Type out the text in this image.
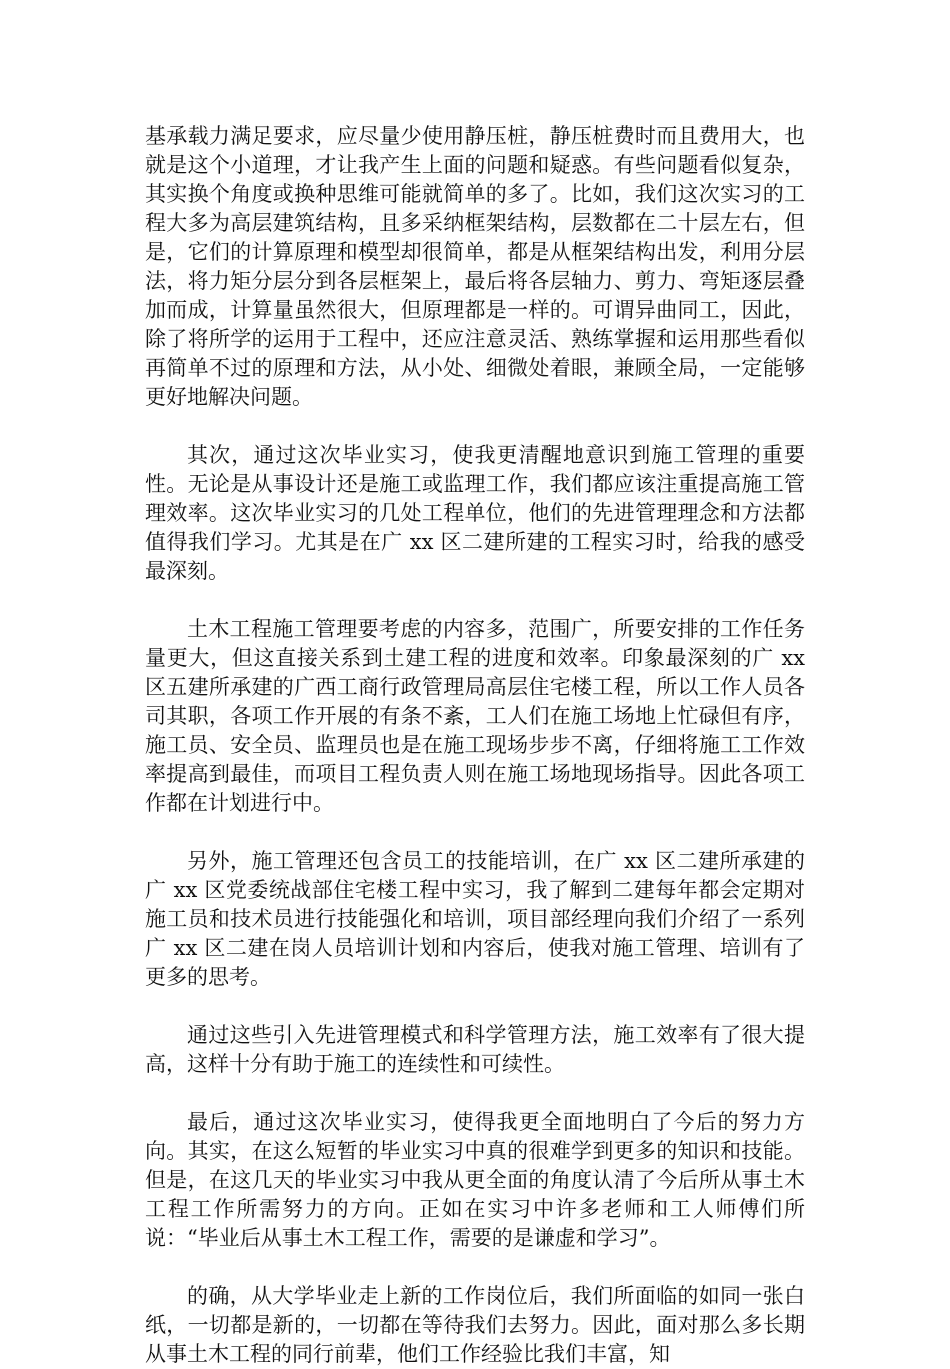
基承载力满足要求，应尽量少使用静压桩，静压桩费时而且费用大，也就是这个小道理，才让我产生上面的问题和疑惑。有些问题看似复杂，其实换个角度或换种思维可能就简单的多了。比如，我们这次实习的工程大多为高层建筑结构，且多采纳框架结构，层数都在二十层左右，但是，它们的计算原理和模型却很简单，都是从框架结构出发，利用分层法，将力矩分层分到各层框架上，最后将各层轴力、剪力、弯矩逐层叠加而成，计算量虽然很大，但原理都是一样的。可谓异曲同工，因此，除了将所学的运用于工程中，还应注意灵活、熟练掌握和运用那些看似再简单不过的原理和方法，从小处、细微处着眼，兼顾全局，一定能够更好地解决问题。

其次，通过这次毕业实习，使我更清醒地意识到施工管理的重要性。无论是从事设计还是施工或监理工作，我们都应该注重提高施工管理效率。这次毕业实习的几处工程单位，他们的先进管理理念和方法都值得我们学习。尤其是在广 xx 区二建所建的工程实习时，给我的感受最深刻。

土木工程施工管理要考虑的内容多，范围广，所要安排的工作任务量更大，但这直接关系到土建工程的进度和效率。印象最深刻的广 xx 区五建所承建的广西工商行政管理局高层住宅楼工程，所以工作人员各司其职，各项工作开展的有条不紊，工人们在施工场地上忙碌但有序，施工员、安全员、监理员也是在施工现场步步不离，仔细将施工工作效率提高到最佳，而项目工程负责人则在施工场地现场指导。因此各项工作都在计划进行中。

另外，施工管理还包含员工的技能培训，在广 xx 区二建所承建的广 xx 区党委统战部住宅楼工程中实习，我了解到二建每年都会定期对施工员和技术员进行技能强化和培训，项目部经理向我们介绍了一系列广 xx 区二建在岗人员培训计划和内容后，使我对施工管理、培训有了更多的思考。

通过这些引入先进管理模式和科学管理方法，施工效率有了很大提高，这样十分有助于施工的连续性和可续性。

最后，通过这次毕业实习，使得我更全面地明白了今后的努力方向。其实，在这么短暂的毕业实习中真的很难学到更多的知识和技能。但是，在这几天的毕业实习中我从更全面的角度认清了今后所从事土木工程工作所需努力的方向。正如在实习中许多老师和工人师傅们所说：“毕业后从事土木工程工作，需要的是谦虚和学习”。

的确，从大学毕业走上新的工作岗位后，我们所面临的如同一张白纸，一切都是新的，一切都在等待我们去努力。因此，面对那么多长期从事土木工程的同行前辈，他们工作经验比我们丰富，知
